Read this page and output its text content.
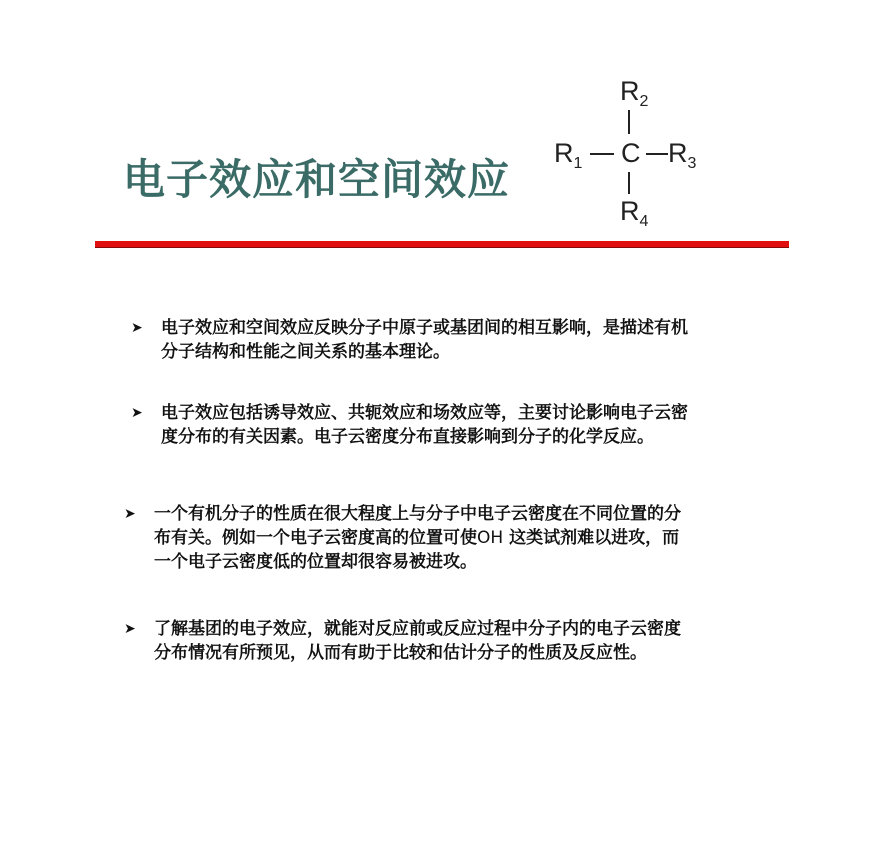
电子效应和空间效应
$R_2$
$R_1$ C $R_3$
$R_4$
➤ 电子效应和空间效应反映分子中原子或基团间的相互影响，是描述有机
分子结构和性能之间关系的基本理论。
➤ 电子效应包括诱导效应、共轭效应和场效应等，主要讨论影响电子云密
度分布的有关因素。电子云密度分布直接影响到分子的化学反应。
➤ 一个有机分子的性质在很大程度上与分子中电子云密度在不同位置的分
布有关。例如一个电子云密度高的位置可使OH 这类试剂难以进攻，而
一个电子云密度低的位置却很容易被进攻。
➤ 了解基团的电子效应，就能对反应前或反应过程中分子内的电子云密度
分布情况有所预见，从而有助于比较和估计分子的性质及反应性。
